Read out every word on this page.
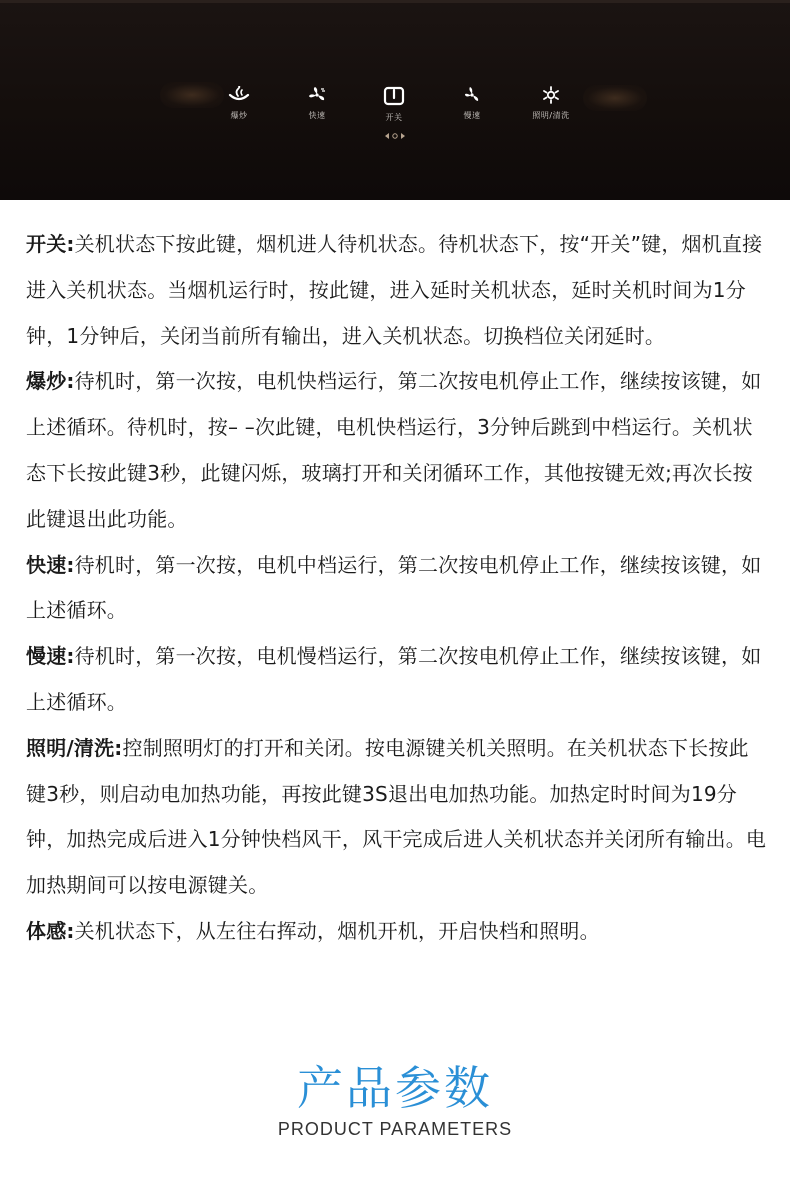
爆炒	快速	开关	慢速	照明/清洗

开关:关机状态下按此键，烟机进人待机状态。待机状态下，按“开关”键，烟机直接进入关机状态。当烟机运行时，按此键，进入延时关机状态，延时关机时间为1分钟，1分钟后，关闭当前所有输出，进入关机状态。切换档位关闭延时。

爆炒:待机时，第一次按，电机快档运行，第二次按电机停止工作，继续按该键，如上述循环。待机时，按– –次此键，电机快档运行，3分钟后跳到中档运行。关机状态下长按此键3秒，此键闪烁，玻璃打开和关闭循环工作，其他按键无效;再次长按此键退出此功能。

快速:待机时，第一次按，电机中档运行，第二次按电机停止工作，继续按该键，如上述循环。

慢速:待机时，第一次按，电机慢档运行，第二次按电机停止工作，继续按该键，如上述循环。

照明/清洗:控制照明灯的打开和关闭。按电源键关机关照明。在关机状态下长按此键3秒，则启动电加热功能，再按此键3S退出电加热功能。加热定时时间为19分钟，加热完成后进入1分钟快档风干，风干完成后进人关机状态并关闭所有输出。电加热期间可以按电源键关。

体感:关机状态下，从左往右挥动，烟机开机，开启快档和照明。

产品参数
PRODUCT PARAMETERS
